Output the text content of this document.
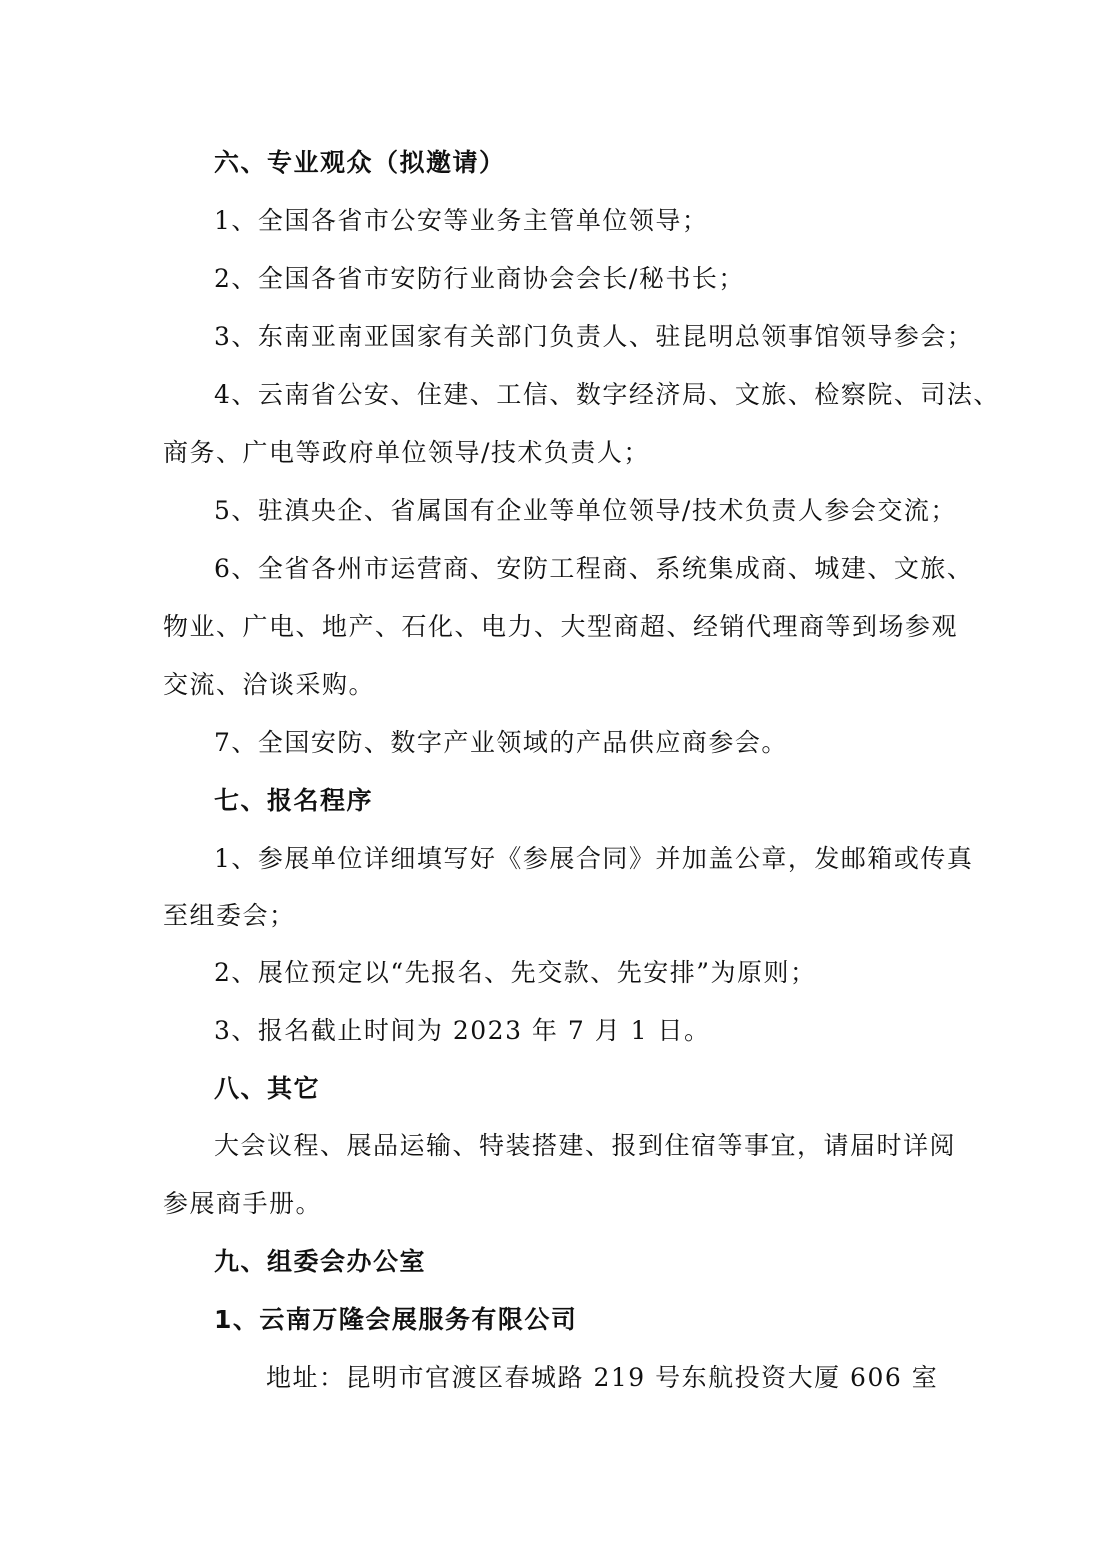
六、专业观众（拟邀请）
1、全国各省市公安等业务主管单位领导；
2、全国各省市安防行业商协会会长/秘书长；
3、东南亚南亚国家有关部门负责人、驻昆明总领事馆领导参会；
4、云南省公安、住建、工信、数字经济局、文旅、检察院、司法、
商务、广电等政府单位领导/技术负责人；
5、驻滇央企、省属国有企业等单位领导/技术负责人参会交流；
6、全省各州市运营商、安防工程商、系统集成商、城建、文旅、
物业、广电、地产、石化、电力、大型商超、经销代理商等到场参观
交流、洽谈采购。
7、全国安防、数字产业领域的产品供应商参会。
七、报名程序
1、参展单位详细填写好《参展合同》并加盖公章，发邮箱或传真
至组委会；
2、展位预定以“先报名、先交款、先安排”为原则；
3、报名截止时间为 2023 年 7 月 1 日。
八、其它
大会议程、展品运输、特装搭建、报到住宿等事宜，请届时详阅
参展商手册。
九、组委会办公室
1、云南万隆会展服务有限公司
地址：昆明市官渡区春城路 219 号东航投资大厦 606 室
